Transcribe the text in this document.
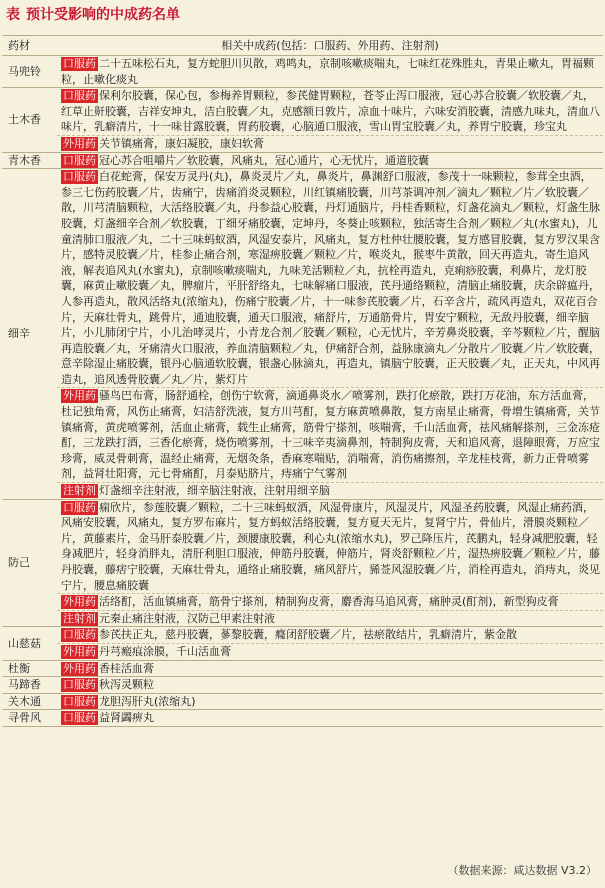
表 预计受影响的中成药名单
药材	相关中成药(包括：口服药、外用药、注射剂)
马兜铃	口服药 二十五味松石丸，复方蛇胆川贝散，鸡鸣丸，京制咳嗽痰喘丸，七味红花殊胜丸，青果止嗽丸，胃福颗粒，止嗽化痰丸
土木香	口服药 保利尔胶囊，保心包，参梅养胃颗粒，参芪健胃颗粒，苍苓止泻口服液，冠心苏合胶囊／软胶囊／丸，红草止鼾胶囊，吉祥安坤丸，洁白胶囊／丸，克感额日敦片，凉血十味片，六味安消胶囊，清感九味丸，清血八味片，乳癖清片，十一味甘露胶囊，胃药胶囊，心脑通口服液，雪山胃宝胶囊／丸，养胃宁胶囊，珍宝丸
	外用药 关节镇痛膏，康妇凝胶，康妇软膏
青木香	口服药 冠心苏合咀嚼片／软胶囊，风痛丸，冠心通片，心无忧片，通道胶囊
细辛	口服药 白花蛇膏，保安万灵丹(丸)，鼻炎灵片／丸，鼻炎片，鼻渊舒口服液，参茂十一味颗粒，参茸全虫酒，参三七伤药胶囊／片，齿痛宁，齿痛消炎灵颗粒，川红镇痛胶囊，川芎茶调冲剂／滴丸／颗粒／片／软胶囊／散，川芎清脑颗粒，大活络胶囊／丸，丹参益心胶囊，丹灯通脑片，丹桂香颗粒，灯盏花滴丸／颗粒，灯盏生脉胶囊，灯盏细辛合剂／软胶囊，丁细牙痛胶囊，定坤丹，冬葵止咳颗粒，独活寄生合剂／颗粒／丸(水蜜丸)，儿童清肺口服液／丸，二十三味蚂蚁酒，风湿安泰片，风痛丸，复方杜仲壮腰胶囊，复方感冒胶囊，复方罗汉果含片，感特灵胶囊／片，桂参止痛合剂，寒湿痹胶囊／颗粒／片，喉炎丸，猴枣牛黄散，回天再造丸，寄生追风液，解表追风丸(水蜜丸)，京制咳嗽痰喘丸，九味羌活颗粒／丸，抗栓再造丸，克痢痧胶囊，利鼻片，龙灯胶囊，麻黄止嗽胶囊／丸，脾瘤片，平肝舒络丸，七味解痛口服液，芪丹通络颗粒，清脑止痛胶囊，庆余辟瘟丹，人参再造丸，散风活络丸(浓缩丸)，伤痛宁胶囊／片，十一味参芪胶囊／片，石辛含片，疏风再造丸，双花百合片，天麻壮骨丸，跳骨片，通迪胶囊，通天口服液，痛舒片，万通筋骨片，胃安宁颗粒，无敌丹胶囊，细辛脑片，小儿肺闭宁片，小儿治哮灵片，小青龙合剂／胶囊／颗粒，心无忧片，辛芳鼻炎胶囊，辛芩颗粒／片，醒脑再造胶囊／丸，牙痛清火口服液，养血清脑颗粒／丸，伊痛舒合剂，益脉康滴丸／分散片／胶囊／片／软胶囊，意辛除湿止痛胶囊，银丹心脑通软胶囊，银盏心脉滴丸，再造丸，镇脑宁胶囊，正天胶囊／丸，正天丸，中风再造丸，追风透骨胶囊／丸／片，紫灯片
	外用药 骚鸟巴布膏，肠舒通栓，创伤宁软膏，滴通鼻炎水／喷雾剂，跌打化瘀散，跌打万花油，东方活血膏，杜记独角膏，风伤止痛膏，妇洁舒洗液，复方川芎酊，复方麻黄喷鼻散，复方南星止痛膏，骨增生镇痛膏，关节镇痛膏，黄虎喷雾剂，活血止痛膏，载生止痛膏，筋骨宁搽剂，咳喘膏，千山活血膏，祛风痛解搽剂，三金冻疮酊，三龙跌打酒，三香化瘀膏，烧伤喷雾剂，十三味辛夷滴鼻剂，特制狗皮膏，天和追风膏，退障眼膏，万应宝珍膏，威灵骨刺膏，温经止痛膏，无烟灸条，香麻寒喘贴，消喘膏，消伤痛擦剂，辛龙桂枝膏，新力正骨喷雾剂，益肾壮阳膏，元七骨痛酊，月泰贴脐片，痔痛宁气雾剂
	注射剂 灯盏细辛注射液，细辛脑注射液，注射用细辛脑
防己	口服药 痫欣片，参莲胶囊／颗粒，二十三味蚂蚁酒，风湿骨康片，风湿灵片，风湿圣药胶囊，风湿止痛药酒，风痛安胶囊，风痛丸，复方罗布麻片，复方蚂蚁活络胶囊，复方夏天无片，复肾宁片，骨仙片，滑膜炎颗粒／片，黄藤素片，金马肝泰胶囊／片，颈腰康胶囊，利心丸(浓缩水丸)，罗己降压片，芪鹏丸，轻身减肥胶囊，轻身减肥片，轻身消胖丸，清肝利胆口服液，伸筋丹胶囊，伸筋片，肾炎舒颗粒／片，湿热痹胶囊／颗粒／片，藤丹胶囊，藤痞宁胶囊，天麻壮骨丸，通络止痛胶囊，痛风舒片，豨莶风湿胶囊／片，消栓再造丸，消痔丸，炎见宁片，腰息痛胶囊
	外用药 活络酊，活血镇痛膏，筋骨宁搽剂，精制狗皮膏，麝香海马追风膏，痛肿灵(酊剂)，新型狗皮膏
	注射剂 元秦止痛注射液，汉防己甲素注射液
山慈菇	口服药 参芪扶正丸，慈丹胶囊，蔘黎胶囊，癃闭舒胶囊／片，祛瘀散结片，乳癖清片，紫金散
	外用药 丹芎瘢痕涂膜，千山活血膏
杜衡	外用药 香桂活血膏
马蹄香	口服药 秋泻灵颗粒
关木通	口服药 龙胆泻肝丸(浓缩丸)
寻骨风	口服药 益肾蠲痹丸
（数据来源：咸达数据 V3.2）
